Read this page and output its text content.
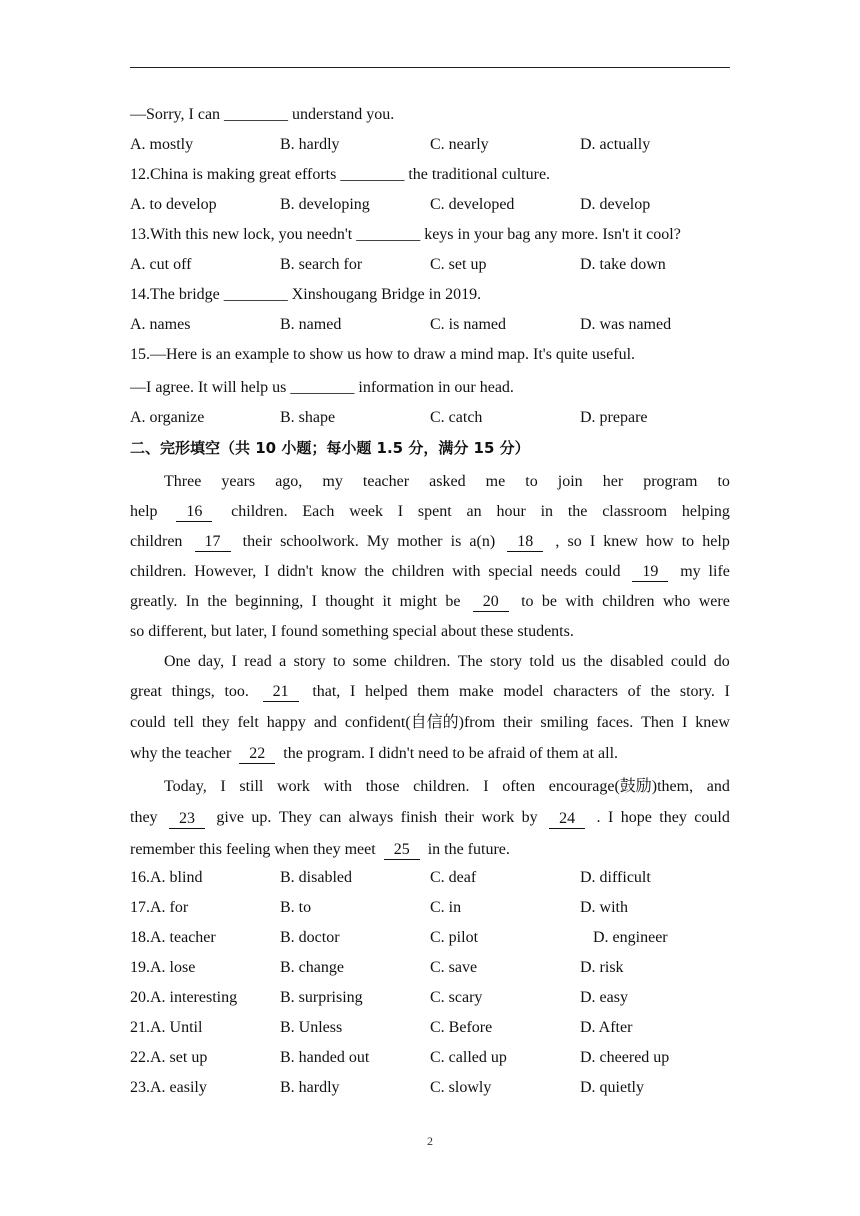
—Sorry, I can ________ understand you.
A. mostly	B. hardly	C. nearly	D. actually
12.China is making great efforts ________ the traditional culture.
A. to develop	B. developing	C. developed	D. develop
13.With this new lock, you needn't ________ keys in your bag any more. Isn't it cool?
A. cut off	B. search for	C. set up	D. take down
14.The bridge ________ Xinshougang Bridge in 2019.
A. names	B. named	C. is named	D. was named
15.—Here is an example to show us how to draw a mind map. It's quite useful.
—I agree. It will help us ________ information in our head.
A. organize	B. shape	C. catch	D. prepare
二、完形填空（共 10 小题；每小题 1.5 分，满分 15 分）
Three years ago, my teacher asked me to join her program to
help	16	children. Each week I spent an hour in the classroom helping
children	17	their schoolwork. My mother is a(n)	18	, so I knew how to help
children. However, I didn't know the children with special needs could	19	my life
greatly. In the beginning, I thought it might be	20	to be with children who were
so different, but later, I found something special about these students.
One day, I read a story to some children. The story told us the disabled could do
great things, too.	21	that, I helped them make model characters of the story. I
could tell they felt happy and confident(自信的)from their smiling faces. Then I knew
why the teacher 22 the program. I didn't need to be afraid of them at all.
Today, I still work with those children. I often encourage(鼓励)them, and
they	23	give up. They can always finish their work by	24	. I hope they could
remember this feeling when they meet 25 in the future.
16.A. blind	B. disabled	C. deaf	D. difficult
17.A. for	B. to	C. in	D. with
18.A. teacher	B. doctor	C. pilot	D. engineer
19.A. lose	B. change	C. save	D. risk
20.A. interesting	B. surprising	C. scary	D. easy
21.A. Until	B. Unless	C. Before	D. After
22.A. set up	B. handed out	C. called up	D. cheered up
23.A. easily	B. hardly	C. slowly	D. quietly
2
